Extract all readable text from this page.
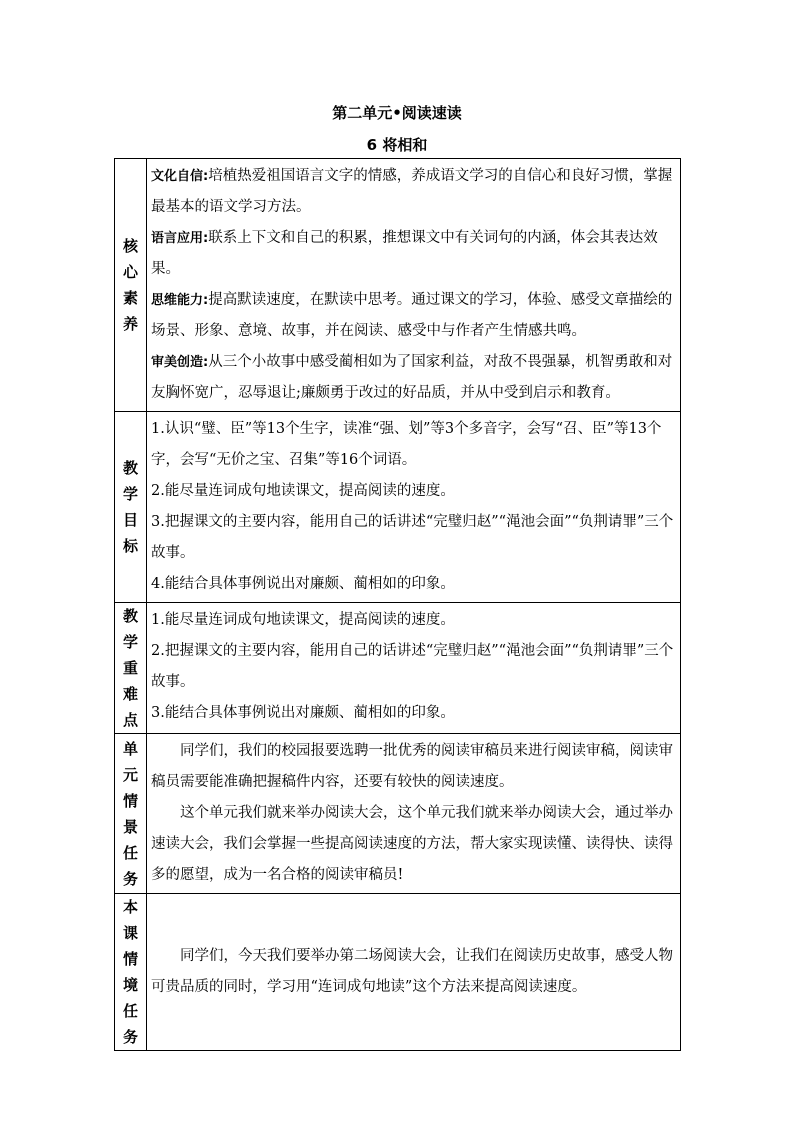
第二单元•阅读速读
6 将相和
核心素养	文化自信:培植热爱祖国语言文字的情感，养成语文学习的自信心和良好习惯，掌握最基本的语文学习方法。

语言应用:联系上下文和自己的积累，推想课文中有关词句的内涵，体会其表达效果。

思维能力:提高默读速度，在默读中思考。通过课文的学习，体验、感受文章描绘的场景、形象、意境、故事，并在阅读、感受中与作者产生情感共鸣。

审美创造:从三个小故事中感受蔺相如为了国家利益，对敌不畏强暴，机智勇敢和对友胸怀宽广，忍辱退让;廉颇勇于改过的好品质，并从中受到启示和教育。

教学目标	1.认识“璧、臣”等13个生字，读准“强、划”等3个多音字，会写“召、臣”等13个字，会写“无价之宝、召集”等16个词语。

2.能尽量连词成句地读课文，提高阅读的速度。

3.把握课文的主要内容，能用自己的话讲述“完璧归赵”“渑池会面”“负荆请罪”三个故事。

4.能结合具体事例说出对廉颇、蔺相如的印象。

教学重难点	1.能尽量连词成句地读课文，提高阅读的速度。

2.把握课文的主要内容，能用自己的话讲述“完璧归赵”“渑池会面”“负荆请罪”三个故事。

3.能结合具体事例说出对廉颇、蔺相如的印象。

单元情景任务	同学们，我们的校园报要选聘一批优秀的阅读审稿员来进行阅读审稿，阅读审稿员需要能准确把握稿件内容，还要有较快的阅读速度。

这个单元我们就来举办阅读大会，这个单元我们就来举办阅读大会，通过举办速读大会，我们会掌握一些提高阅读速度的方法，帮大家实现读懂、读得快、读得多的愿望，成为一名合格的阅读审稿员!

本课情境任务	同学们，今天我们要举办第二场阅读大会，让我们在阅读历史故事，感受人物可贵品质的同时，学习用“连词成句地读”这个方法来提高阅读速度。
